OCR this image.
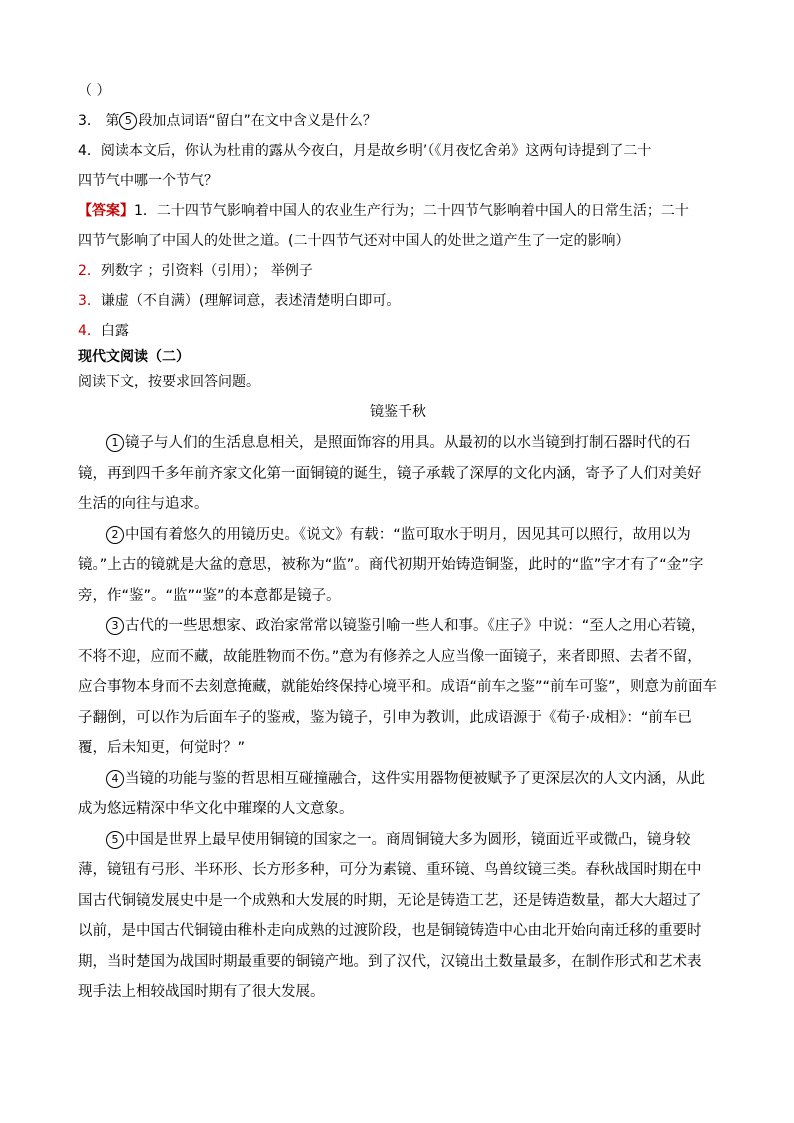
（ ）
3． 第 5 段加点词语“留白”在文中含义是什么？
4．阅读本文后，你认为杜甫的露从今夜白，月是故乡明’（《月夜忆舍弟》这两句诗提到了二十
四节气中哪一个节气？
【答案】1．二十四节气影响着中国人的农业生产行为；二十四节气影响着中国人的日常生活；二十
四节气影响了中国人的处世之道。(二十四节气还对中国人的处世之道产生了一定的影响）
2．列数字 ；引资料（引用）； 举例子
3．谦虚（不自满）(理解词意，表述清楚明白即可。
4．白露
现代文阅读（二）
阅读下文，按要求回答问题。
镜鉴千秋
1 镜子与人们的生活息息相关，是照面饰容的用具。从最初的以水当镜到打制石器时代的石
镜，再到四千多年前齐家文化第一面铜镜的诞生，镜子承载了深厚的文化内涵，寄予了人们对美好
生活的向往与追求。
2 中国有着悠久的用镜历史。《说文》有载：“监可取水于明月，因见其可以照行，故用以为
镜。”上古的镜就是大盆的意思，被称为“监”。商代初期开始铸造铜鉴，此时的“监”字才有了“金”字
旁，作“鉴”。“监”“鉴”的本意都是镜子。
3 古代的一些思想家、政治家常常以镜鉴引喻一些人和事。《庄子》中说：“至人之用心若镜，
不将不迎，应而不藏，故能胜物而不伤。”意为有修养之人应当像一面镜子，来者即照、去者不留，
应合事物本身而不去刻意掩藏，就能始终保持心境平和。成语“前车之鉴”“前车可鉴”，则意为前面车
子翻倒，可以作为后面车子的鉴戒，鉴为镜子，引申为教训，此成语源于《荀子·成相》：“前车已
覆，后未知更，何觉时？”
4 当镜的功能与鉴的哲思相互碰撞融合，这件实用器物便被赋予了更深层次的人文内涵，从此
成为悠远精深中华文化中璀璨的人文意象。
5 中国是世界上最早使用铜镜的国家之一。商周铜镜大多为圆形，镜面近平或微凸，镜身较
薄，镜钮有弓形、半环形、长方形多种，可分为素镜、重环镜、鸟兽纹镜三类。春秋战国时期在中
国古代铜镜发展史中是一个成熟和大发展的时期，无论是铸造工艺，还是铸造数量，都大大超过了
以前，是中国古代铜镜由稚朴走向成熟的过渡阶段，也是铜镜铸造中心由北开始向南迁移的重要时
期，当时楚国为战国时期最重要的铜镜产地。到了汉代，汉镜出土数量最多，在制作形式和艺术表
现手法上相较战国时期有了很大发展。
